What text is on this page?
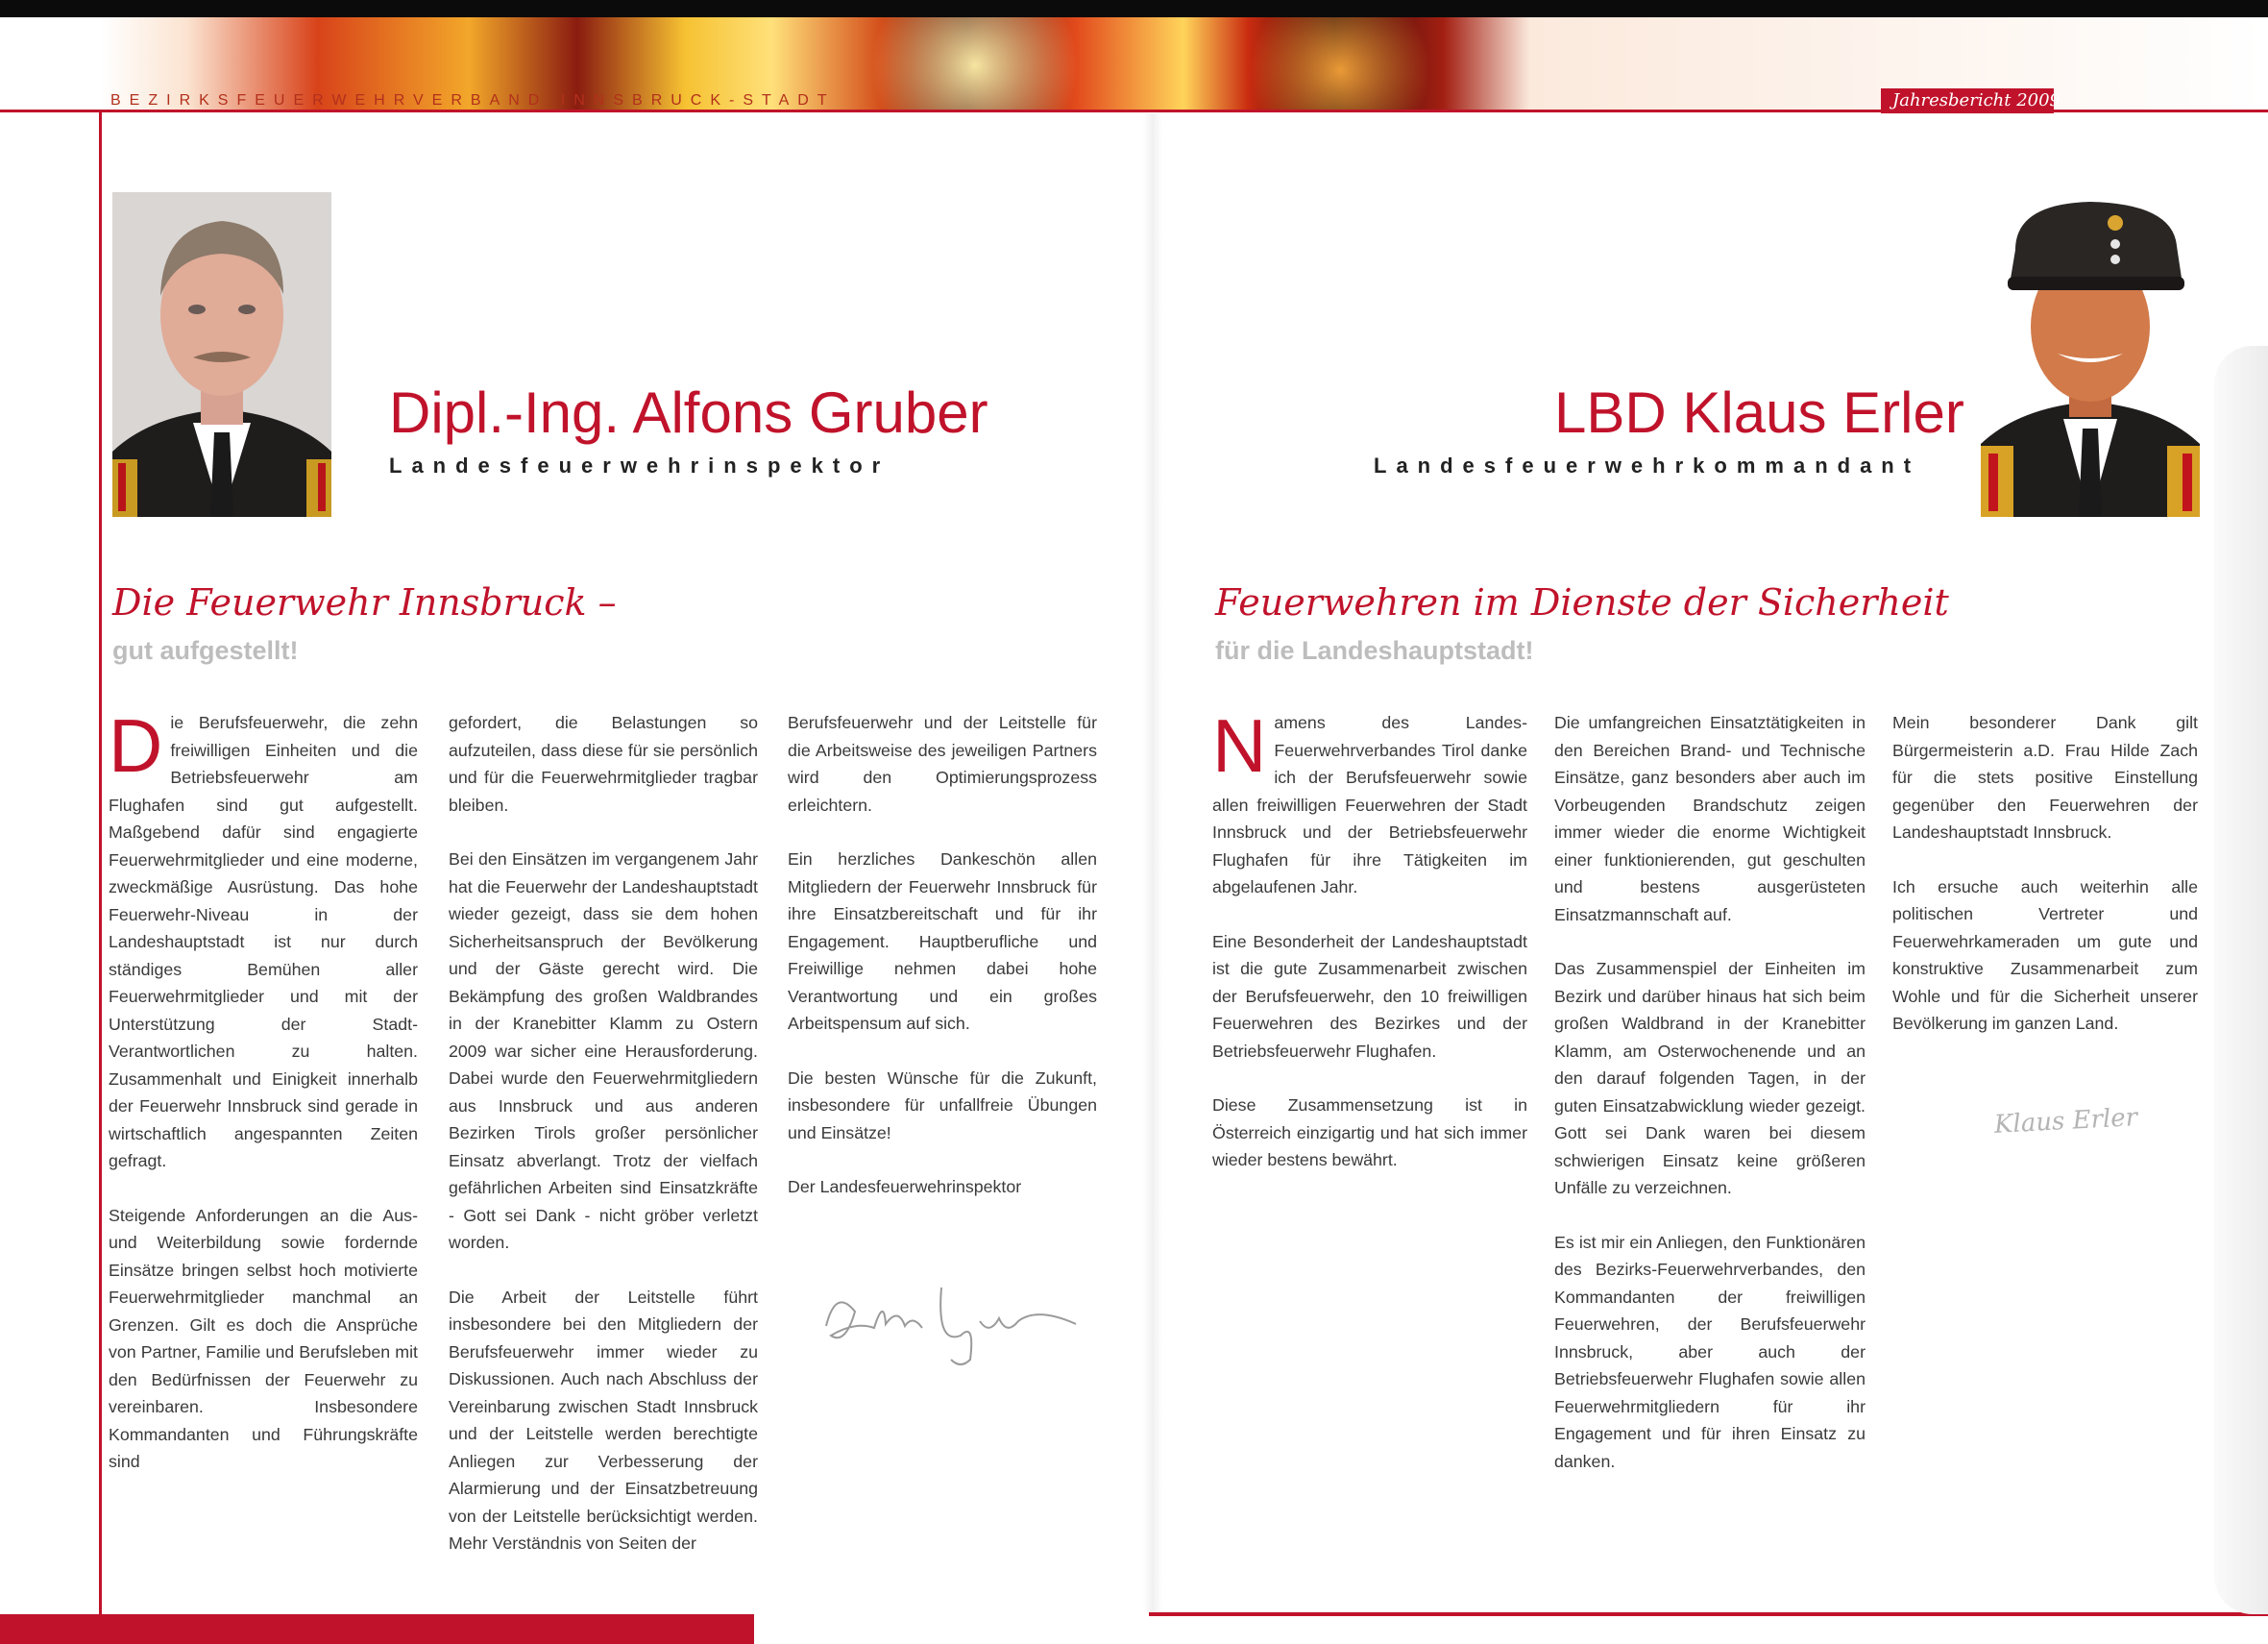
BEZIRKSFEUERWEHRVERBAND INNSBRUCK-STADT	Jahresbericht 2009
Dipl.-Ing. Alfons Gruber
Landesfeuerwehrinspektor
Die Feuerwehr Innsbruck –
gut aufgestellt!

Die Berufsfeuerwehr, die zehn freiwilligen Einheiten und die Betriebsfeuerwehr am Flughafen sind gut aufgestellt. Maßgebend dafür sind engagierte Feuerwehrmitglieder und eine moderne, zweckmäßige Ausrüstung. Das hohe Feuerwehr-Niveau in der Landeshauptstadt ist nur durch ständiges Bemühen aller Feuerwehrmitglieder und mit der Unterstützung der Stadt-Verantwortlichen zu halten. Zusammenhalt und Einigkeit innerhalb der Feuerwehr Innsbruck sind gerade in wirtschaftlich angespannten Zeiten gefragt.

Steigende Anforderungen an die Aus- und Weiterbildung sowie fordernde Einsätze bringen selbst hoch motivierte Feuerwehrmitglieder manchmal an Grenzen. Gilt es doch die Ansprüche von Partner, Familie und Berufsleben mit den Bedürfnissen der Feuerwehr zu vereinbaren. Insbesondere Kommandanten und Führungskräfte sind

gefordert, die Belastungen so aufzuteilen, dass diese für sie persönlich und für die Feuerwehrmitglieder tragbar bleiben.

Bei den Einsätzen im vergangenem Jahr hat die Feuerwehr der Landeshauptstadt wieder gezeigt, dass sie dem hohen Sicherheitsanspruch der Bevölkerung und der Gäste gerecht wird. Die Bekämpfung des großen Waldbrandes in der Kranebitter Klamm zu Ostern 2009 war sicher eine Herausforderung. Dabei wurde den Feuerwehrmitgliedern aus Innsbruck und aus anderen Bezirken Tirols großer persönlicher Einsatz abverlangt. Trotz der vielfach gefährlichen Arbeiten sind Einsatzkräfte - Gott sei Dank - nicht gröber verletzt worden.

Die Arbeit der Leitstelle führt insbesondere bei den Mitgliedern der Berufsfeuerwehr immer wieder zu Diskussionen. Auch nach Abschluss der Vereinbarung zwischen Stadt Innsbruck und der Leitstelle werden berechtigte Anliegen zur Verbesserung der Alarmierung und der Einsatzbetreuung von der Leitstelle berücksichtigt werden. Mehr Verständnis von Seiten der

Berufsfeuerwehr und der Leitstelle für die Arbeitsweise des jeweiligen Partners wird den Optimierungsprozess erleichtern.

Ein herzliches Dankeschön allen Mitgliedern der Feuerwehr Innsbruck für ihre Einsatzbereitschaft und für ihr Engagement. Hauptberufliche und Freiwillige nehmen dabei hohe Verantwortung und ein großes Arbeitspensum auf sich.

Die besten Wünsche für die Zukunft, insbesondere für unfallfreie Übungen und Einsätze!

Der Landesfeuerwehrinspektor

LBD Klaus Erler
Landesfeuerwehrkommandant
Feuerwehren im Dienste der Sicherheit
für die Landeshauptstadt!

Namens des Landes-Feuerwehrverbandes Tirol danke ich der Berufsfeuerwehr sowie allen freiwilligen Feuerwehren der Stadt Innsbruck und der Betriebsfeuerwehr Flughafen für ihre Tätigkeiten im abgelaufenen Jahr.

Eine Besonderheit der Landeshauptstadt ist die gute Zusammenarbeit zwischen der Berufsfeuerwehr, den 10 freiwilligen Feuerwehren des Bezirkes und der Betriebsfeuerwehr Flughafen.

Diese Zusammensetzung ist in Österreich einzigartig und hat sich immer wieder bestens bewährt.

Die umfangreichen Einsatztätigkeiten in den Bereichen Brand- und Technische Einsätze, ganz besonders aber auch im Vorbeugenden Brandschutz zeigen immer wieder die enorme Wichtigkeit einer funktionierenden, gut geschulten und bestens ausgerüsteten Einsatzmannschaft auf.

Das Zusammenspiel der Einheiten im Bezirk und darüber hinaus hat sich beim großen Waldbrand in der Kranebitter Klamm, am Osterwochenende und an den darauf folgenden Tagen, in der guten Einsatzabwicklung wieder gezeigt. Gott sei Dank waren bei diesem schwierigen Einsatz keine größeren Unfälle zu verzeichnen.

Es ist mir ein Anliegen, den Funktionären des Bezirks-Feuerwehrverbandes, den Kommandanten der freiwilligen Feuerwehren, der Berufsfeuerwehr Innsbruck, aber auch der Betriebsfeuerwehr Flughafen sowie allen Feuerwehrmitgliedern für ihr Engagement und für ihren Einsatz zu danken.

Mein besonderer Dank gilt Bürgermeisterin a.D. Frau Hilde Zach für die stets positive Einstellung gegenüber den Feuerwehren der Landeshauptstadt Innsbruck.

Ich ersuche auch weiterhin alle politischen Vertreter und Feuerwehrkameraden um gute und konstruktive Zusammenarbeit zum Wohle und für die Sicherheit unserer Bevölkerung im ganzen Land.

Klaus Erler
